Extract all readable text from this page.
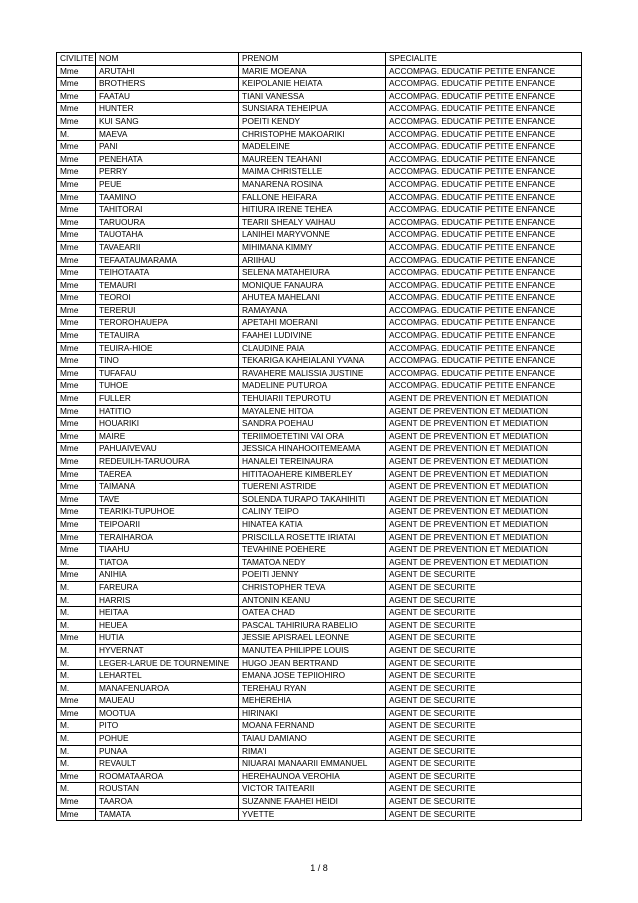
CIVILITE	NOM	PRENOM	SPECIALITE
Mme	ARUTAHI	MARIE MOEANA	ACCOMPAG. EDUCATIF PETITE ENFANCE
Mme	BROTHERS	KEIPOLANIE HEIATA	ACCOMPAG. EDUCATIF PETITE ENFANCE
Mme	FAATAU	TIANI VANESSA	ACCOMPAG. EDUCATIF PETITE ENFANCE
Mme	HUNTER	SUNSIARA TEHEIPUA	ACCOMPAG. EDUCATIF PETITE ENFANCE
Mme	KUI SANG	POEITI KENDY	ACCOMPAG. EDUCATIF PETITE ENFANCE
M.	MAEVA	CHRISTOPHE MAKOARIKI	ACCOMPAG. EDUCATIF PETITE ENFANCE
Mme	PANI	MADELEINE	ACCOMPAG. EDUCATIF PETITE ENFANCE
Mme	PENEHATA	MAUREEN TEAHANI	ACCOMPAG. EDUCATIF PETITE ENFANCE
Mme	PERRY	MAIMA CHRISTELLE	ACCOMPAG. EDUCATIF PETITE ENFANCE
Mme	PEUE	MANARENA ROSINA	ACCOMPAG. EDUCATIF PETITE ENFANCE
Mme	TAAMINO	FALLONE HEIFARA	ACCOMPAG. EDUCATIF PETITE ENFANCE
Mme	TAHITORAI	HITIURA IRENE TEHEA	ACCOMPAG. EDUCATIF PETITE ENFANCE
Mme	TARUOURA	TEARII SHEALY VAIHAU	ACCOMPAG. EDUCATIF PETITE ENFANCE
Mme	TAUOTAHA	LANIHEI MARYVONNE	ACCOMPAG. EDUCATIF PETITE ENFANCE
Mme	TAVAEARII	MIHIMANA KIMMY	ACCOMPAG. EDUCATIF PETITE ENFANCE
Mme	TEFAATAUMARAMA	ARIIHAU	ACCOMPAG. EDUCATIF PETITE ENFANCE
Mme	TEIHOTAATA	SELENA MATAHEIURA	ACCOMPAG. EDUCATIF PETITE ENFANCE
Mme	TEMAURI	MONIQUE FANAURA	ACCOMPAG. EDUCATIF PETITE ENFANCE
Mme	TEOROI	AHUTEA MAHELANI	ACCOMPAG. EDUCATIF PETITE ENFANCE
Mme	TERERUI	RAMAYANA	ACCOMPAG. EDUCATIF PETITE ENFANCE
Mme	TEROROHAUEPA	APETAHI MOERANI	ACCOMPAG. EDUCATIF PETITE ENFANCE
Mme	TETAUIRA	FAAHEI LUDIVINE	ACCOMPAG. EDUCATIF PETITE ENFANCE
Mme	TEUIRA-HIOE	CLAUDINE PAIA	ACCOMPAG. EDUCATIF PETITE ENFANCE
Mme	TINO	TEKARIGA KAHEIALANI YVANA	ACCOMPAG. EDUCATIF PETITE ENFANCE
Mme	TUFAFAU	RAVAHERE MALISSIA JUSTINE	ACCOMPAG. EDUCATIF PETITE ENFANCE
Mme	TUHOE	MADELINE PUTUROA	ACCOMPAG. EDUCATIF PETITE ENFANCE
Mme	FULLER	TEHUIARII TEPUROTU	AGENT DE PREVENTION ET MEDIATION
Mme	HATITIO	MAYALENE HITOA	AGENT DE PREVENTION ET MEDIATION
Mme	HOUARIKI	SANDRA POEHAU	AGENT DE PREVENTION ET MEDIATION
Mme	MAIRE	TERIIMOETETINI VAI ORA	AGENT DE PREVENTION ET MEDIATION
Mme	PAHUAIVEVAU	JESSICA HINAHOOITEMEAMA	AGENT DE PREVENTION ET MEDIATION
Mme	REDEUILH-TARUOURA	HANALEI TEREINAURA	AGENT DE PREVENTION ET MEDIATION
Mme	TAEREA	HITITAOAHERE KIMBERLEY	AGENT DE PREVENTION ET MEDIATION
Mme	TAIMANA	TUERENI ASTRIDE	AGENT DE PREVENTION ET MEDIATION
Mme	TAVE	SOLENDA TURAPO TAKAHIHITI	AGENT DE PREVENTION ET MEDIATION
Mme	TEARIKI-TUPUHOE	CALINY TEIPO	AGENT DE PREVENTION ET MEDIATION
Mme	TEIPOARII	HINATEA KATIA	AGENT DE PREVENTION ET MEDIATION
Mme	TERAIHAROA	PRISCILLA ROSETTE IRIATAI	AGENT DE PREVENTION ET MEDIATION
Mme	TIAAHU	TEVAHINE POEHERE	AGENT DE PREVENTION ET MEDIATION
M.	TIATOA	TAMATOA NEDY	AGENT DE PREVENTION ET MEDIATION
Mme	ANIHIA	POEITI JENNY	AGENT DE SECURITE
M.	FAREURA	CHRISTOPHER TEVA	AGENT DE SECURITE
M.	HARRIS	ANTONIN KEANU	AGENT DE SECURITE
M.	HEITAA	OATEA CHAD	AGENT DE SECURITE
M.	HEUEA	PASCAL TAHIRIURA RABELIO	AGENT DE SECURITE
Mme	HUTIA	JESSIE APISRAEL LEONNE	AGENT DE SECURITE
M.	HYVERNAT	MANUTEA PHILIPPE LOUIS	AGENT DE SECURITE
M.	LEGER-LARUE DE TOURNEMINE	HUGO JEAN BERTRAND	AGENT DE SECURITE
M.	LEHARTEL	EMANA JOSE TEPIIOHIRO	AGENT DE SECURITE
M.	MANAFENUAROA	TEREHAU RYAN	AGENT DE SECURITE
Mme	MAUEAU	MEHEREHIA	AGENT DE SECURITE
Mme	MOOTUA	HIRINAKI	AGENT DE SECURITE
M.	PITO	MOANA FERNAND	AGENT DE SECURITE
M.	POHUE	TAIAU DAMIANO	AGENT DE SECURITE
M.	PUNAA	RIMA'I	AGENT DE SECURITE
M.	REVAULT	NIUARAI MANAARII EMMANUEL	AGENT DE SECURITE
Mme	ROOMATAAROA	HEREHAUNOA VEROHIA	AGENT DE SECURITE
M.	ROUSTAN	VICTOR TAITEARII	AGENT DE SECURITE
Mme	TAAROA	SUZANNE FAAHEI HEIDI	AGENT DE SECURITE
Mme	TAMATA	YVETTE	AGENT DE SECURITE
1 / 8
